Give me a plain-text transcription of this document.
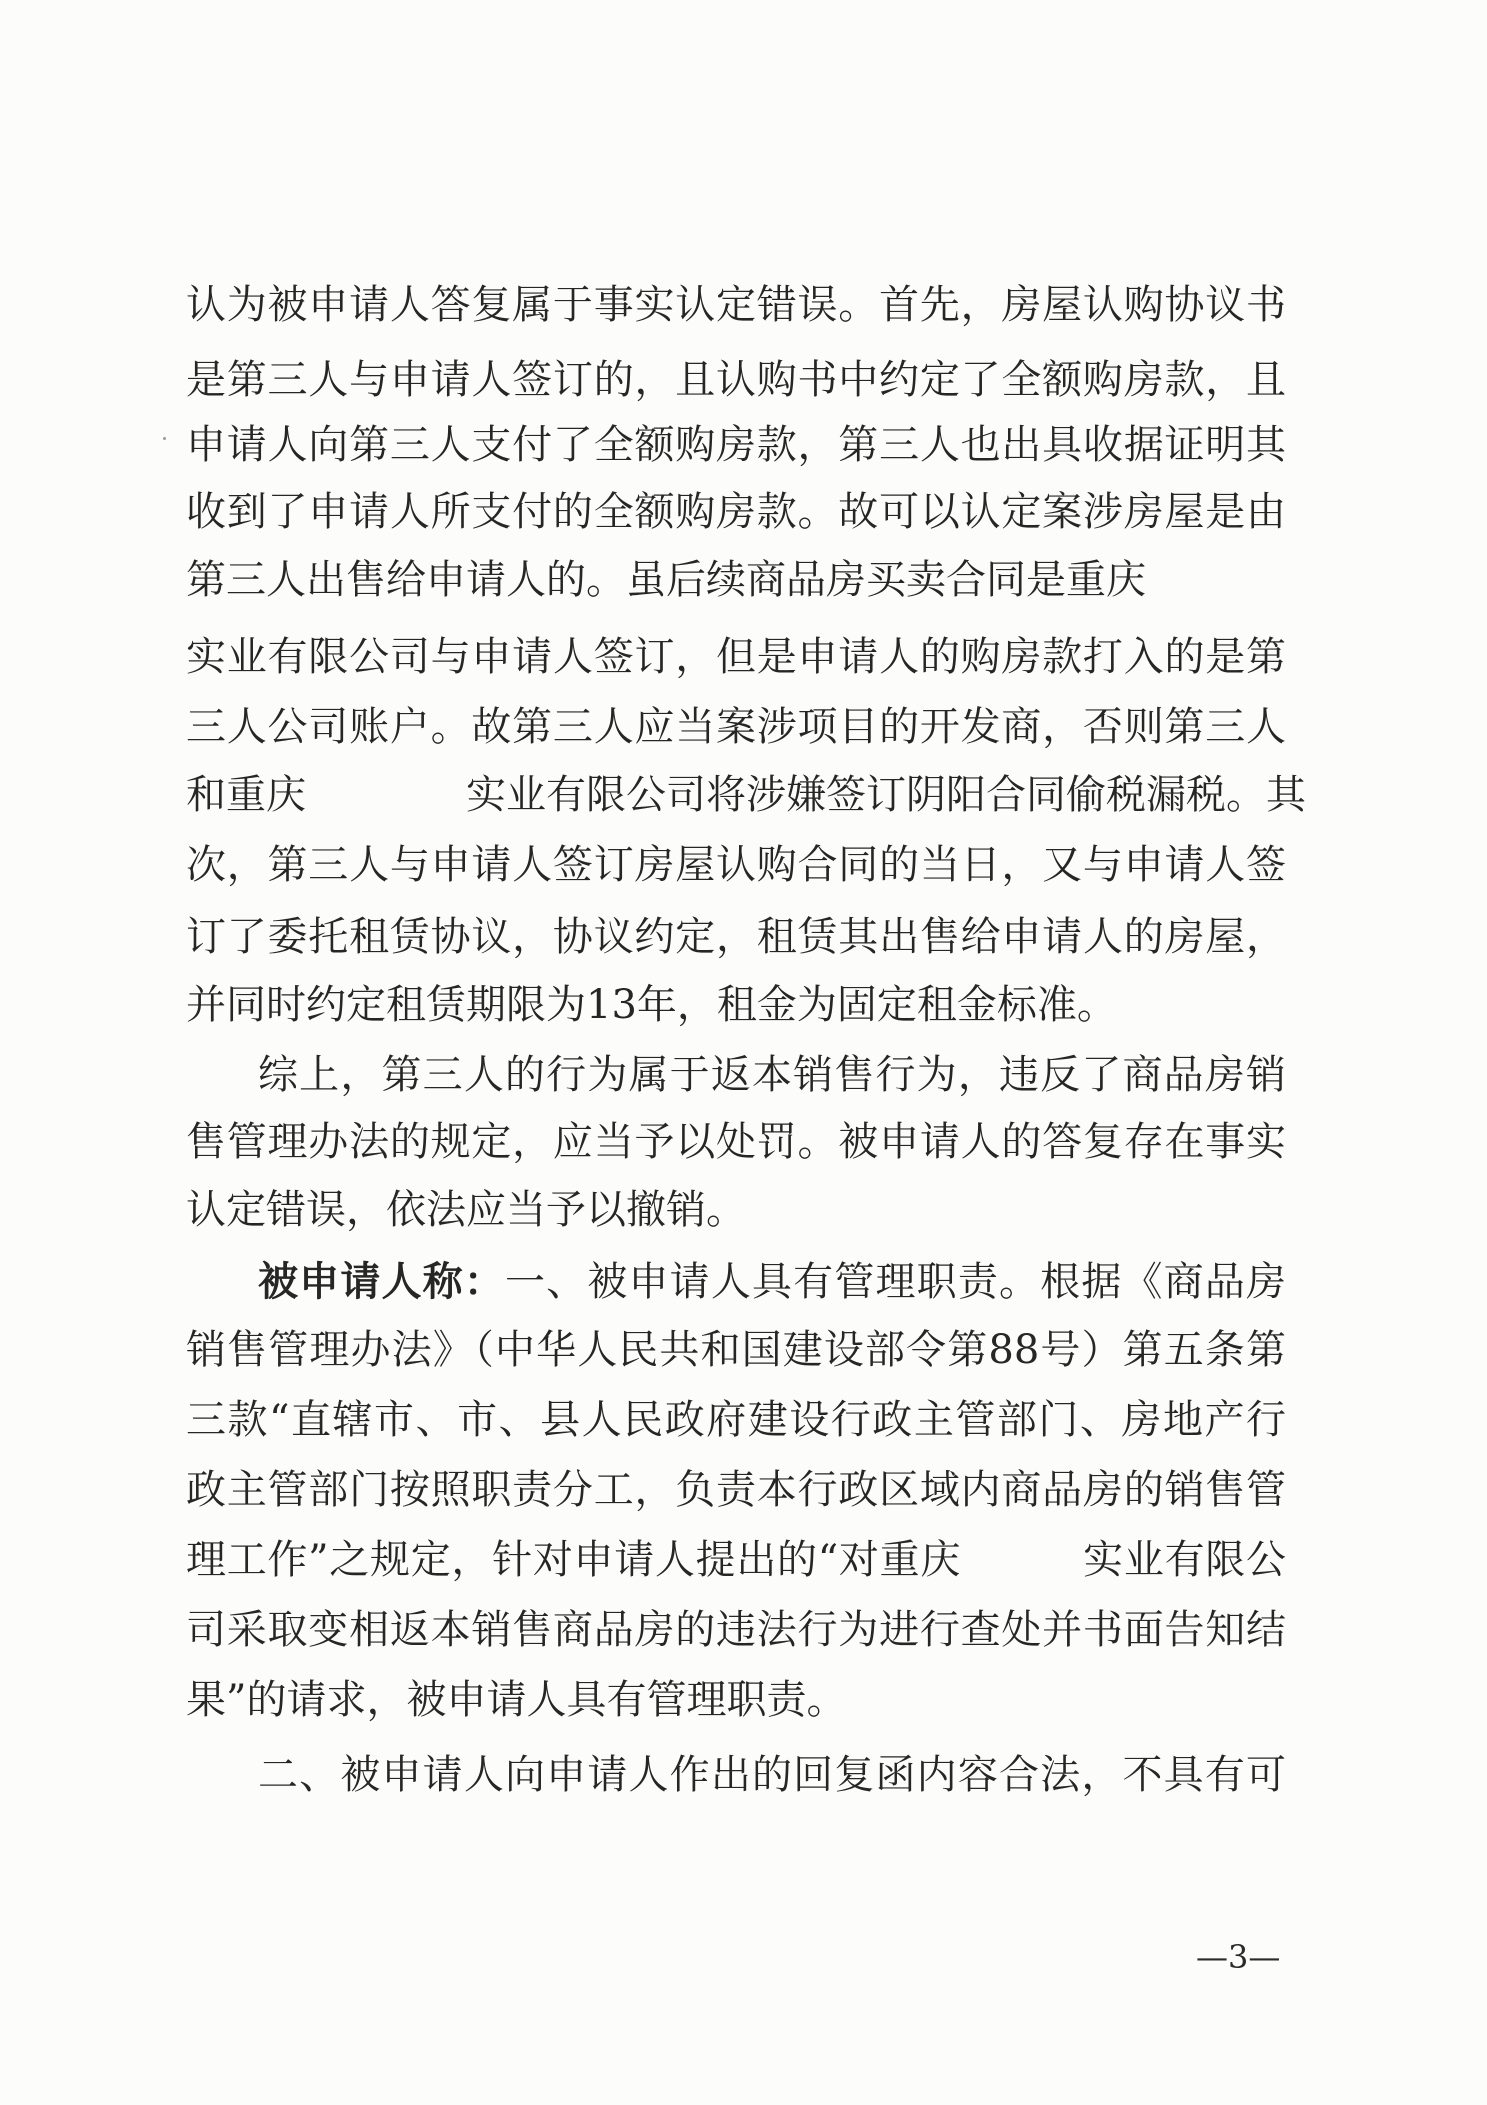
认为被申请人答复属于事实认定错误。首先，房屋认购协议书
是第三人与申请人签订的，且认购书中约定了全额购房款，且
申请人向第三人支付了全额购房款，第三人也出具收据证明其
收到了申请人所支付的全额购房款。故可以认定案涉房屋是由
第三人出售给申请人的。虽后续商品房买卖合同是重庆
实业有限公司与申请人签订，但是申请人的购房款打入的是第
三人公司账户。故第三人应当案涉项目的开发商，否则第三人
和重庆　　　　实业有限公司将涉嫌签订阴阳合同偷税漏税。其
次，第三人与申请人签订房屋认购合同的当日，又与申请人签
订了委托租赁协议，协议约定，租赁其出售给申请人的房屋，
并同时约定租赁期限为13年，租金为固定租金标准。
综上，第三人的行为属于返本销售行为，违反了商品房销
售管理办法的规定，应当予以处罚。被申请人的答复存在事实
认定错误，依法应当予以撤销。
被申请人称：一、被申请人具有管理职责。根据《商品房
销售管理办法》（中华人民共和国建设部令第88号）第五条第
三款“直辖市、市、县人民政府建设行政主管部门、房地产行
政主管部门按照职责分工，负责本行政区域内商品房的销售管
理工作”之规定，针对申请人提出的“对重庆　　　实业有限公
司采取变相返本销售商品房的违法行为进行查处并书面告知结
果”的请求，被申请人具有管理职责。
二、被申请人向申请人作出的回复函内容合法，不具有可
—3—
